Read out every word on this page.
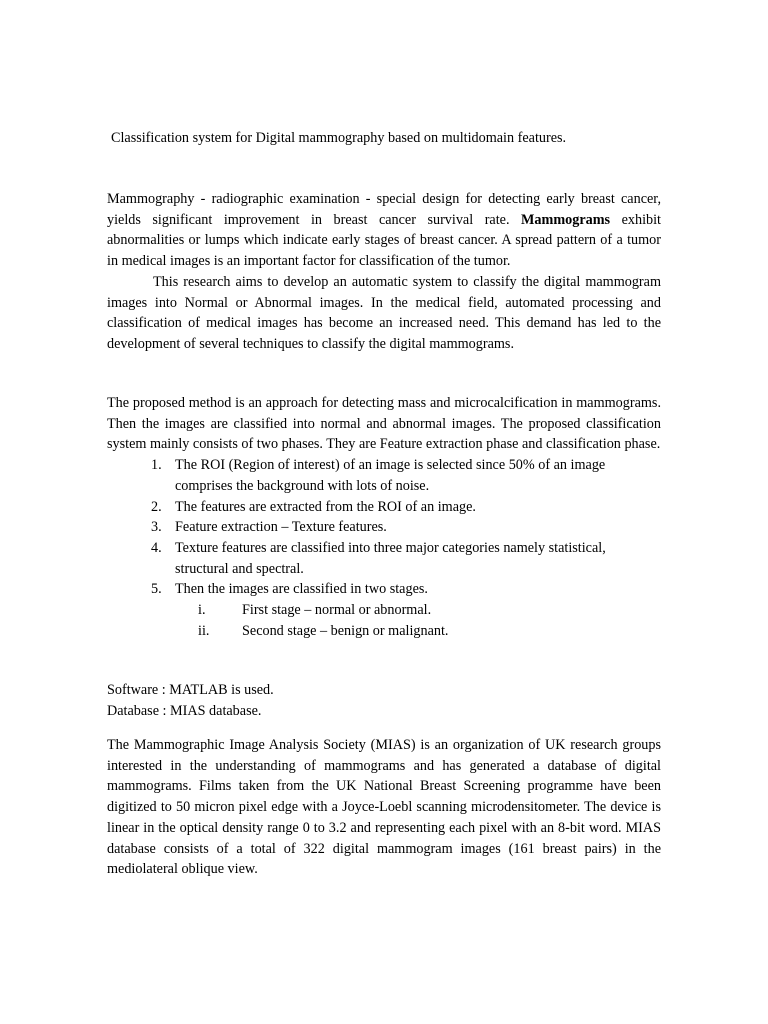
Classification system for Digital mammography based on multidomain features.

Mammography - radiographic examination - special design for detecting early breast cancer, yields significant improvement in breast cancer survival rate. Mammograms exhibit abnormalities or lumps which indicate early stages of breast cancer. A spread pattern of a tumor in medical images is an important factor for classification of the tumor.

This research aims to develop an automatic system to classify the digital mammogram images into Normal or Abnormal images. In the medical field, automated processing and classification of medical images has become an increased need. This demand has led to the development of several techniques to classify the digital mammograms.

The proposed method is an approach for detecting mass and microcalcification in mammograms. Then the images are classified into normal and abnormal images. The proposed classification system mainly consists of two phases. They are Feature extraction phase and classification phase.

1. The ROI (Region of interest) of an image is selected since 50% of an image comprises the background with lots of noise.
2. The features are extracted from the ROI of an image.
3. Feature extraction – Texture features.
4. Texture features are classified into three major categories namely statistical, structural and spectral.
5. Then the images are classified in two stages.
i.	First stage – normal or abnormal.
ii. Second stage – benign or malignant.

Software : MATLAB is used.

Database : MIAS database.

The Mammographic Image Analysis Society (MIAS) is an organization of UK research groups interested in the understanding of mammograms and has generated a database of digital mammograms. Films taken from the UK National Breast Screening programme have been digitized to 50 micron pixel edge with a Joyce-Loebl scanning microdensitometer. The device is linear in the optical density range 0 to 3.2 and representing each pixel with an 8-bit word. MIAS database consists of a total of 322 digital mammogram images (161 breast pairs) in the mediolateral oblique view.
